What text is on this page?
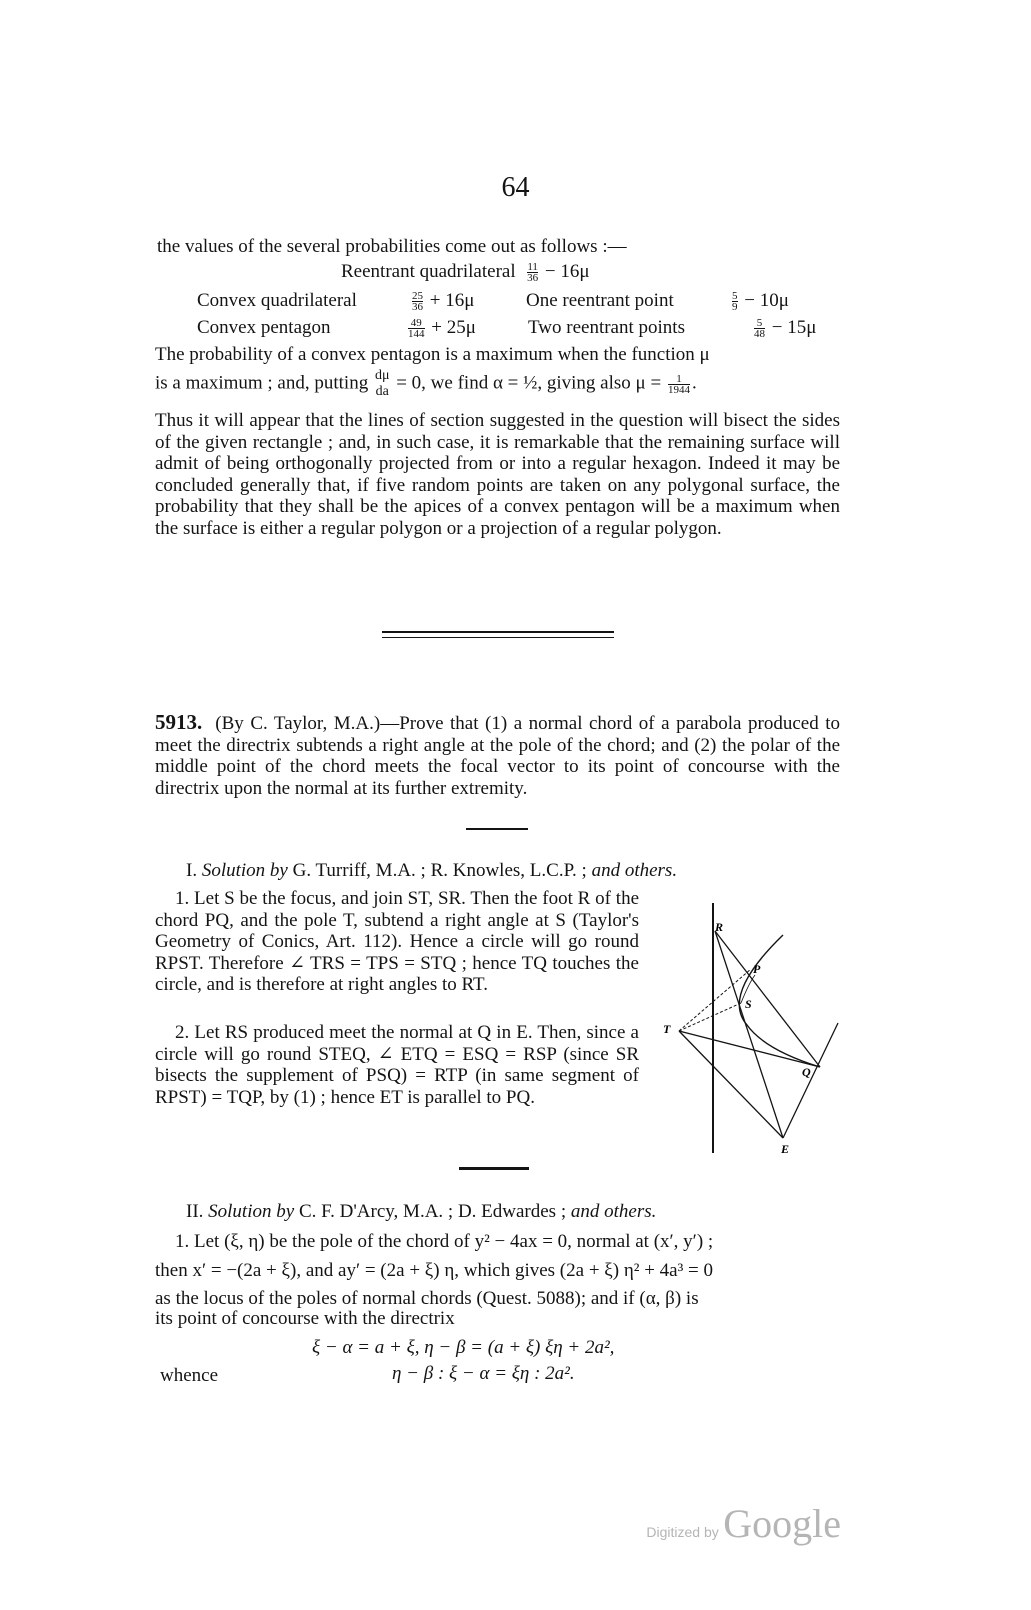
64
the values of the several probabilities come out as follows :—
Reentrant quadrilateral $\frac{11}{36} - 16\mu$
Convex quadrilateral	$\frac{25}{36} + 16\mu$	One reentrant point	$\frac{5}{9} - 10\mu$
Convex pentagon	$\frac{49}{144} + 25\mu$	Two reentrant points	$\frac{5}{48} - 15\mu$
The probability of a convex pentagon is a maximum when the function μ
is a maximum ; and, putting dμ
da = 0, we find α = ½, giving also $\mu = \frac{1}{1944}$ .
Thus it will appear that the lines of section suggested in the question will bisect the sides of the given rectangle ; and, in such case, it is remarkable that the remaining surface will admit of being orthogonally projected from or into a regular hexagon. Indeed it may be concluded generally that, if five random points are taken on any polygonal surface, the probability that they shall be the apices of a convex pentagon will be a maximum when the surface is either a regular polygon or a projection of a regular polygon.
5913. (By C. Taylor, M.A.)—Prove that (1) a normal chord of a parabola produced to meet the directrix subtends a right angle at the pole of the chord; and (2) the polar of the middle point of the chord meets the focal vector to its point of concourse with the directrix upon the normal at its further extremity.
I. Solution by G. Turriff, M.A. ; R. Knowles, L.C.P. ; and others.
1. Let S be the focus, and join ST, SR. Then the foot R of the chord PQ, and the pole T, subtend a right angle at S (Taylor's Geometry of Conics, Art. 112). Hence a circle will go round RPST. Therefore ∠ TRS = TPS = STQ ; hence TQ touches the circle, and is therefore at right angles to RT.
2. Let RS produced meet the normal at Q in E. Then, since a circle will go round STEQ, ∠ ETQ = ESQ = RSP (since SR bisects the supplement of PSQ) = RTP (in same segment of RPST) = TQP, by (1) ; hence ET is parallel to PQ.
R
P
S
T
Q
E
II. Solution by C. F. D'Arcy, M.A. ; D. Edwardes ; and others.
1. Let (ξ, η) be the pole of the chord of y² − 4ax = 0, normal at (x′, y′) ;
then x′ = −(2a + ξ), and ay′ = (2a + ξ) η, which gives (2a + ξ) η² + 4a³ = 0
as the locus of the poles of normal chords (Quest. 5088); and if (α, β) is
its point of concourse with the directrix
ξ − α = a + ξ, η − β = (a + ξ) ξη + 2a²,
whence	η − β : ξ − α = ξη : 2a².
Digitized by Google
